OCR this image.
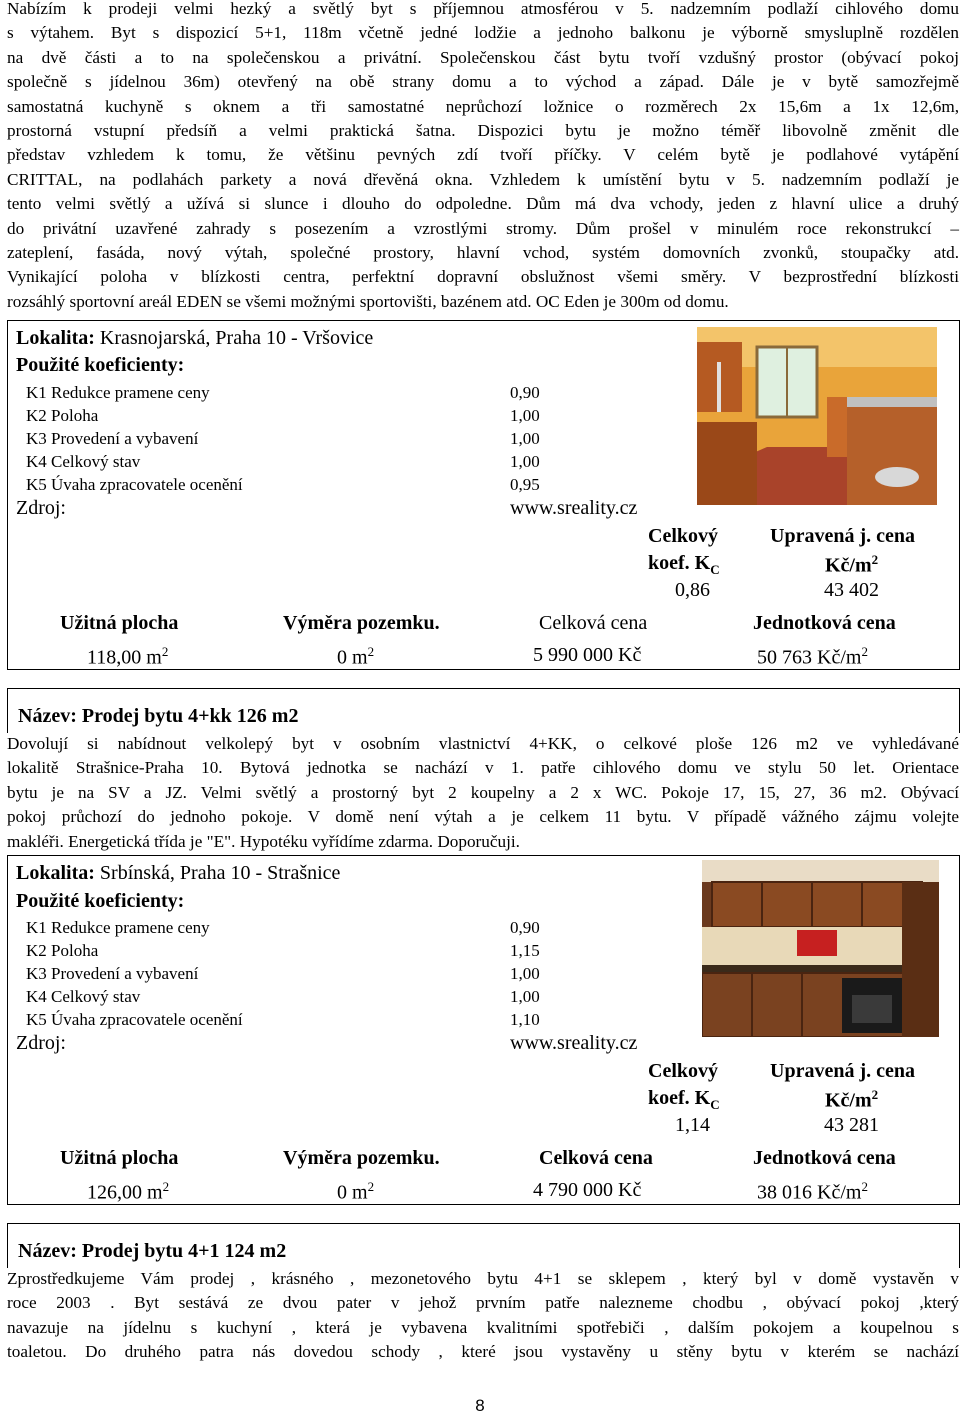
Nabízím k prodeji velmi hezký a světlý byt s příjemnou atmosférou v 5. nadzemním podlaží cihlového domu
s výtahem. Byt s dispozicí 5+1, 118m včetně jedné lodžie a jednoho balkonu je výborně smysluplně rozdělen
na dvě části a to na společenskou a privátní. Společenskou část bytu tvoří vzdušný prostor (obývací pokoj
společně s jídelnou 36m) otevřený na obě strany domu a to východ a západ. Dále je v bytě samozřejmě
samostatná kuchyně s oknem a tři samostatné neprůchozí ložnice o rozměrech 2x 15,6m a 1x 12,6m,
prostorná vstupní předsíň a velmi praktická šatna. Dispozici bytu je možno téměř libovolně změnit dle
představ vzhledem k tomu, že většinu pevných zdí tvoří příčky. V celém bytě je podlahové vytápění
CRITTAL, na podlahách parkety a nová dřevěná okna. Vzhledem k umístění bytu v 5. nadzemním podlaží je
tento velmi světlý a užívá si slunce i dlouho do odpoledne. Dům má dva vchody, jeden z hlavní ulice a druhý
do privátní uzavřené zahrady s posezením a vzrostlými stromy. Dům prošel v minulém roce rekonstrukcí –
zateplení, fasáda, nový výtah, společné prostory, hlavní vchod, systém domovních zvonků, stoupačky atd.
Vynikající poloha v blízkosti centra, perfektní dopravní obslužnost všemi směry. V bezprostřední blízkosti
rozsáhlý sportovní areál EDEN se všemi možnými sportovišti, bazénem atd. OC Eden je 300m od domu.
Lokalita: Krasnojarská, Praha 10 - Vršovice
Použité koeficienty:
K1 Redukce pramene ceny	0,90
K2 Poloha	1,00
K3 Provedení a vybavení	1,00
K4 Celkový stav	1,00
K5 Úvaha zpracovatele ocenění	0,95
Zdroj:	www.sreality.cz
Celkový
koef. $K_C$
0,86
Upravená j. cena
$Kč/m^2$
43 402
Užitná plocha	Výměra pozemku.	Celková cena	Jednotková cena
118,00 $m^2$	0 $m^2$	5 990 000 Kč	50 763 $Kč/m^2$
Název: Prodej bytu 4+kk 126 m2
Dovolují si nabídnout velkolepý byt v osobním vlastnictví 4+KK, o celkové ploše 126 m2 ve vyhledávané
lokalitě Strašnice-Praha 10. Bytová jednotka se nachází v 1. patře cihlového domu ve stylu 50 let. Orientace
bytu je na SV a JZ. Velmi světlý a prostorný byt 2 koupelny a 2 x WC. Pokoje 17, 15, 27, 36 m2. Obývací
pokoj průchozí do jednoho pokoje. V domě není výtah a je celkem 11 bytu. V případě vážného zájmu volejte
makléři. Energetická třída je "E". Hypotéku vyřídíme zdarma. Doporučuji.
Lokalita: Srbínská, Praha 10 - Strašnice
Použité koeficienty:
K1 Redukce pramene ceny	0,90
K2 Poloha	1,15
K3 Provedení a vybavení	1,00
K4 Celkový stav	1,00
K5 Úvaha zpracovatele ocenění	1,10
Zdroj:	www.sreality.cz
Celkový
koef. $K_C$
1,14
Upravená j. cena
$Kč/m^2$
43 281
Užitná plocha	Výměra pozemku.	Celková cena	Jednotková cena
126,00 $m^2$	0 $m^2$	4 790 000 Kč	38 016 $Kč/m^2$
Název: Prodej bytu 4+1 124 m2
Zprostředkujeme Vám prodej , krásného , mezonetového bytu 4+1 se sklepem , který byl v domě vystavěn v
roce 2003 . Byt sestává ze dvou pater v jehož prvním patře nalezneme chodbu , obývací pokoj ,který
navazuje na jídelnu s kuchyní , která je vybavena kvalitními spotřebiči , dalším pokojem a koupelnou s
toaletou. Do druhého patra nás dovedou schody , které jsou vystavěny u stěny bytu v kterém se nachází
8
